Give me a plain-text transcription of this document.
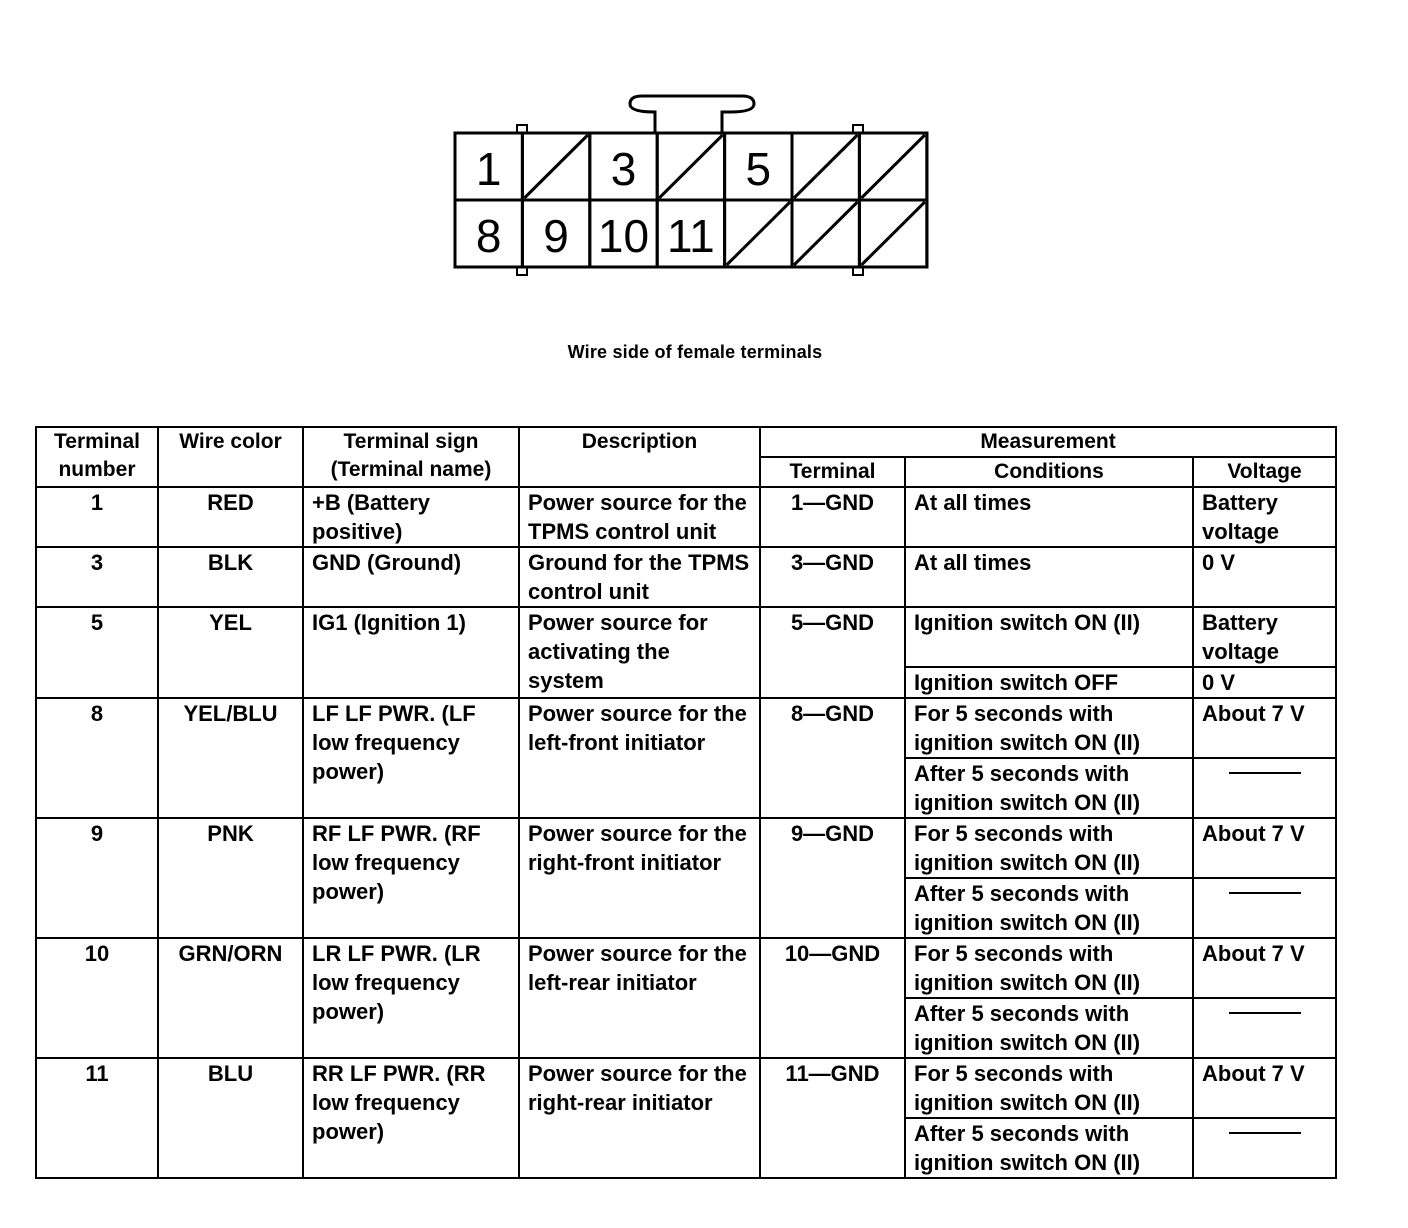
1 3 5
8 9 10 11
Wire side of female terminals
Terminal number	Wire color	Terminal sign (Terminal name)	Description	Measurement		
				Terminal	Conditions	Voltage
1	RED	+B (Battery positive)	Power source for the TPMS control unit	1—GND	At all times	Battery voltage
3	BLK	GND (Ground)	Ground for the TPMS control unit	3—GND	At all times	0 V
5	YEL	IG1 (Ignition 1)	Power source for activating the system	5—GND	Ignition switch ON (II)	Battery voltage
					Ignition switch OFF	0 V
8	YEL/BLU	LF LF PWR. (LF low frequency power)	Power source for the left-front initiator	8—GND	For 5 seconds with ignition switch ON (II)	About 7 V
					After 5 seconds with ignition switch ON (II)	
9	PNK	RF LF PWR. (RF low frequency power)	Power source for the right-front initiator	9—GND	For 5 seconds with ignition switch ON (II)	About 7 V
					After 5 seconds with ignition switch ON (II)	
10	GRN/ORN	LR LF PWR. (LR low frequency power)	Power source for the left-rear initiator	10—GND	For 5 seconds with ignition switch ON (II)	About 7 V
					After 5 seconds with ignition switch ON (II)	
11	BLU	RR LF PWR. (RR low frequency power)	Power source for the right-rear initiator	11—GND	For 5 seconds with ignition switch ON (II)	About 7 V
					After 5 seconds with ignition switch ON (II)	
